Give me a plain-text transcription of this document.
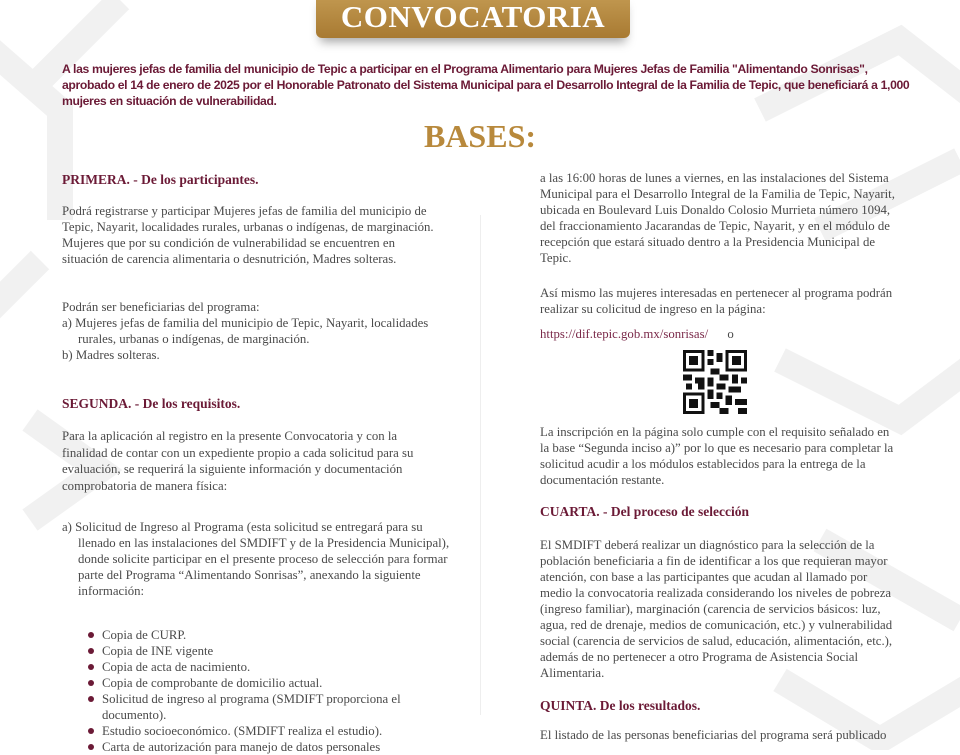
CONVOCATORIA
A las mujeres jefas de familia del municipio de Tepic a participar en el Programa Alimentario para Mujeres Jefas de Familia "Alimentando Sonrisas", aprobado el 14 de enero de 2025 por el Honorable Patronato del Sistema Municipal para el Desarrollo Integral de la Familia de Tepic, que beneficiará a 1,000 mujeres en situación de vulnerabilidad.
BASES:
PRIMERA. - De los participantes.
Podrá registrarse y participar Mujeres jefas de familia del municipio de Tepic, Nayarit, localidades rurales, urbanas o indígenas, de marginación. Mujeres que por su condición de vulnerabilidad se encuentren en situación de carencia alimentaria o desnutrición, Madres solteras.
Podrán ser beneficiarias del programa:
a) Mujeres jefas de familia del municipio de Tepic, Nayarit, localidades rurales, urbanas o indígenas, de marginación.
b) Madres solteras.
SEGUNDA. - De los requisitos.
Para la aplicación al registro en la presente Convocatoria y con la finalidad de contar con un expediente propio a cada solicitud para su evaluación, se requerirá la siguiente información y documentación comprobatoria de manera física:
a) Solicitud de Ingreso al Programa (esta solicitud se entregará para su llenado en las instalaciones del SMDIFT y de la Presidencia Municipal), donde solicite participar en el presente proceso de selección para formar parte del Programa “Alimentando Sonrisas”, anexando la siguiente información:
Copia de CURP.
Copia de INE vigente
Copia de acta de nacimiento.
Copia de comprobante de domicilio actual.
Solicitud de ingreso al programa (SMDIFT proporciona el documento).
Estudio socioeconómico. (SMDIFT realiza el estudio).
Carta de autorización para manejo de datos personales
a las 16:00 horas de lunes a viernes, en las instalaciones del Sistema Municipal para el Desarrollo Integral de la Familia de Tepic, Nayarit, ubicada en Boulevard Luis Donaldo Colosio Murrieta número 1094, del fraccionamiento Jacarandas de Tepic, Nayarit, y en el módulo de recepción que estará situado dentro a la Presidencia Municipal de Tepic.
Así mismo las mujeres interesadas en pertenecer al programa podrán realizar su colicitud de ingreso en la página:
https://dif.tepic.gob.mx/sonrisas/ o
La inscripción en la página solo cumple con el requisito señalado en la base “Segunda inciso a)” por lo que es necesario para completar la solicitud acudir a los módulos establecidos para la entrega de la documentación restante.
CUARTA. - Del proceso de selección
El SMDIFT deberá realizar un diagnóstico para la selección de la población beneficiaria a fin de identificar a los que requieran mayor atención, con base a las participantes que acudan al llamado por medio la convocatoria realizada considerando los niveles de pobreza (ingreso familiar), marginación (carencia de servicios básicos: luz, agua, red de drenaje, medios de comunicación, etc.) y vulnerabilidad social (carencia de servicios de salud, educación, alimentación, etc.), además de no pertenecer a otro Programa de Asistencia Social Alimentaria.
QUINTA. De los resultados.
El listado de las personas beneficiarias del programa será publicado
